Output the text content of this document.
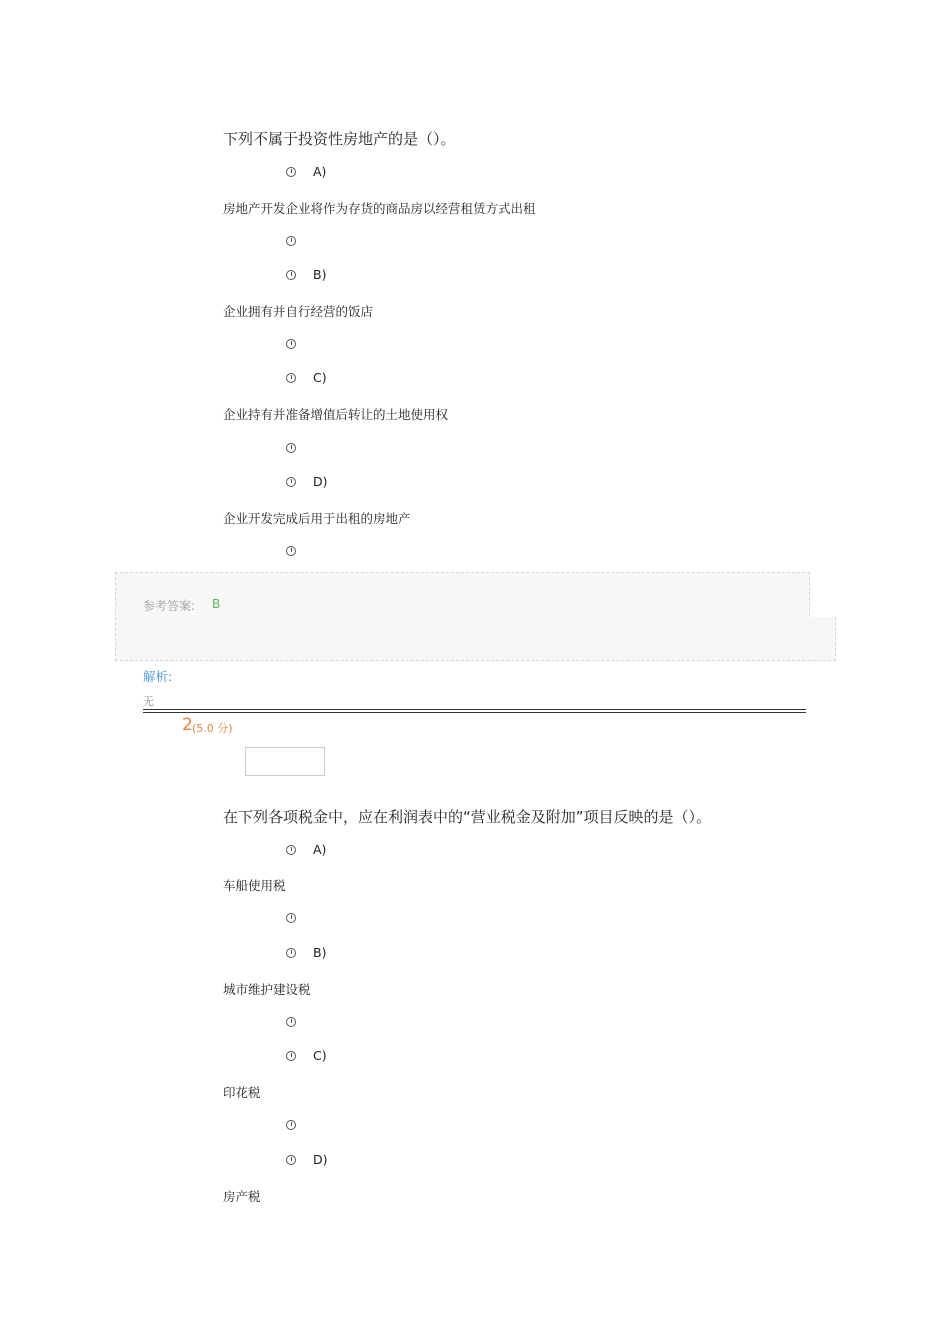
下列不属于投资性房地产的是（）。
A)
房地产开发企业将作为存货的商品房以经营租赁方式出租
B)
企业拥有并自行经营的饭店
C)
企业持有并准备增值后转让的土地使用权
D)
企业开发完成后用于出租的房地产
参考答案: B
解析:
无
2 (5.0 分)
在下列各项税金中，应在利润表中的“营业税金及附加”项目反映的是（）。
A)
车船使用税
B)
城市维护建设税
C)
印花税
D)
房产税
